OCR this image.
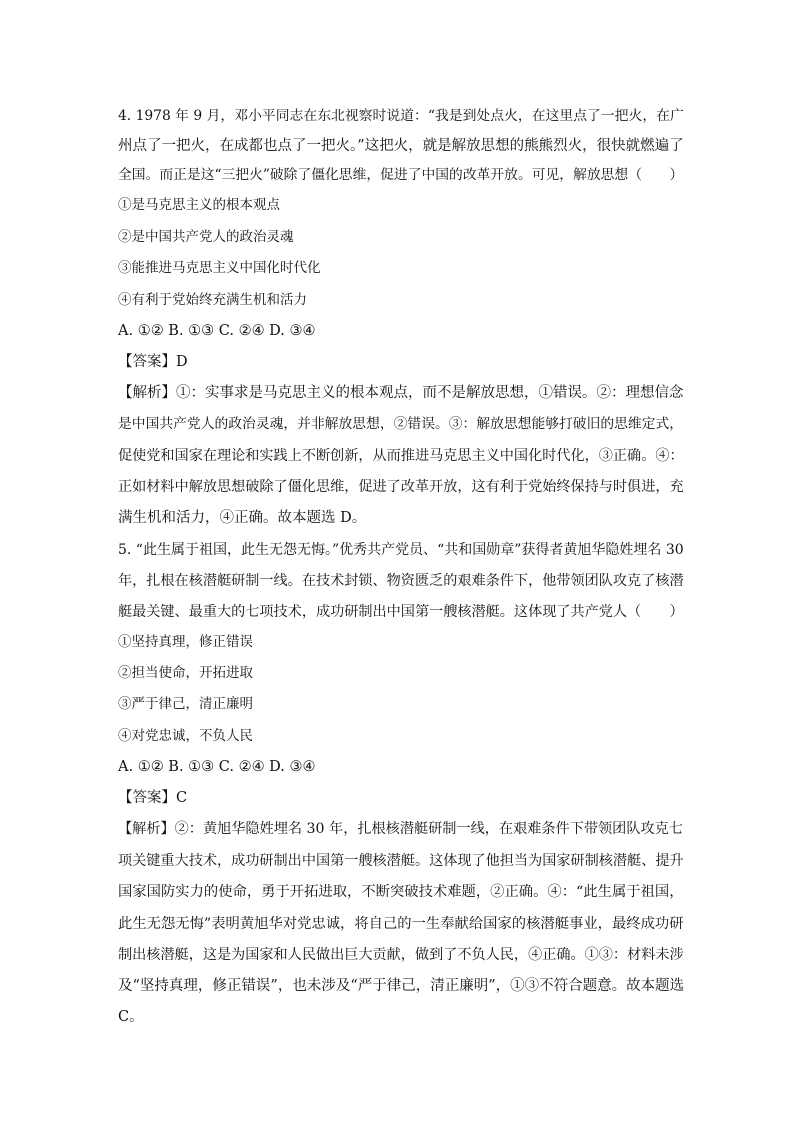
4. 1978 年 9 月，邓小平同志在东北视察时说道：“我是到处点火，在这里点了一把火，在广
州点了一把火，在成都也点了一把火。”这把火，就是解放思想的熊熊烈火，很快就燃遍了
全国。而正是这“三把火”破除了僵化思维，促进了中国的改革开放。可见，解放思想（　　）
①是马克思主义的根本观点
②是中国共产党人的政治灵魂
③能推进马克思主义中国化时代化
④有利于党始终充满生机和活力
A. ①② B. ①③ C. ②④ D. ③④
【答案】D
【解析】①：实事求是马克思主义的根本观点，而不是解放思想，①错误。②：理想信念
是中国共产党人的政治灵魂，并非解放思想，②错误。③：解放思想能够打破旧的思维定式，
促使党和国家在理论和实践上不断创新，从而推进马克思主义中国化时代化，③正确。④：
正如材料中解放思想破除了僵化思维，促进了改革开放，这有利于党始终保持与时俱进，充
满生机和活力，④正确。故本题选 D。
5. “此生属于祖国，此生无怨无悔。”优秀共产党员、“共和国勋章”获得者黄旭华隐姓埋名 30
年，扎根在核潜艇研制一线。在技术封锁、物资匮乏的艰难条件下，他带领团队攻克了核潜
艇最关键、最重大的七项技术，成功研制出中国第一艘核潜艇。这体现了共产党人（　　）
①坚持真理，修正错误
②担当使命，开拓进取
③严于律己，清正廉明
④对党忠诚，不负人民
A. ①② B. ①③ C. ②④ D. ③④
【答案】C
【解析】②：黄旭华隐姓埋名 30 年，扎根核潜艇研制一线，在艰难条件下带领团队攻克七
项关键重大技术，成功研制出中国第一艘核潜艇。这体现了他担当为国家研制核潜艇、提升
国家国防实力的使命，勇于开拓进取，不断突破技术难题，②正确。④：“此生属于祖国，
此生无怨无悔”表明黄旭华对党忠诚，将自己的一生奉献给国家的核潜艇事业，最终成功研
制出核潜艇，这是为国家和人民做出巨大贡献，做到了不负人民，④正确。①③：材料未涉
及“坚持真理，修正错误”，也未涉及“严于律己，清正廉明”，①③不符合题意。故本题选
C。
